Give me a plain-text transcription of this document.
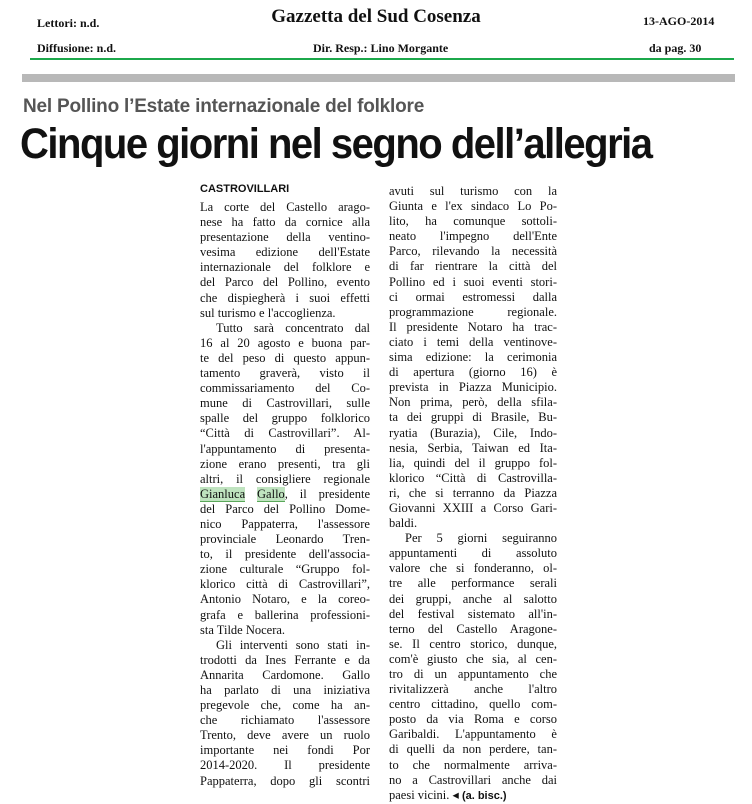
Lettori: n.d.	Gazzetta del Sud Cosenza	13-AGO-2014
Diffusione: n.d.	Dir. Resp.: Lino Morgante	da pag. 30
Nel Pollino l’Estate internazionale del folklore
Cinque giorni nel segno dell’allegria
CASTROVILLARI
La corte del Castello arago-
nese ha fatto da cornice alla
presentazione della ventino-
vesima edizione dell'Estate
internazionale del folklore e
del Parco del Pollino, evento
che dispiegherà i suoi effetti
sul turismo e l'accoglienza.
Tutto sarà concentrato dal
16 al 20 agosto e buona par-
te del peso di questo appun-
tamento graverà, visto il
commissariamento del Co-
mune di Castrovillari, sulle
spalle del gruppo folklorico
“Città di Castrovillari”. Al-
l'appuntamento di presenta-
zione erano presenti, tra gli
altri, il consigliere regionale
Gianluca Gallo, il presidente
del Parco del Pollino Dome-
nico Pappaterra, l'assessore
provinciale Leonardo Tren-
to, il presidente dell'associa-
zione culturale “Gruppo fol-
klorico città di Castrovillari”,
Antonio Notaro, e la coreo-
grafa e ballerina professioni-
sta Tilde Nocera.
Gli interventi sono stati in-
trodotti da Ines Ferrante e da
Annarita Cardomone. Gallo
ha parlato di una iniziativa
pregevole che, come ha an-
che richiamato l'assessore
Trento, deve avere un ruolo
importante nei fondi Por
2014-2020. Il presidente
Pappaterra, dopo gli scontri
avuti sul turismo con la
Giunta e l'ex sindaco Lo Po-
lito, ha comunque sottoli-
neato l'impegno dell'Ente
Parco, rilevando la necessità
di far rientrare la città del
Pollino ed i suoi eventi stori-
ci ormai estromessi dalla
programmazione regionale.
Il presidente Notaro ha trac-
ciato i temi della ventinove-
sima edizione: la cerimonia
di apertura (giorno 16) è
prevista in Piazza Municipio.
Non prima, però, della sfila-
ta dei gruppi di Brasile, Bu-
ryatia (Burazia), Cile, Indo-
nesia, Serbia, Taiwan ed Ita-
lia, quindi del il gruppo fol-
klorico “Città di Castrovilla-
ri, che si terranno da Piazza
Giovanni XXIII a Corso Gari-
baldi.
Per 5 giorni seguiranno
appuntamenti di assoluto
valore che si fonderanno, ol-
tre alle performance serali
dei gruppi, anche al salotto
del festival sistemato all'in-
terno del Castello Aragone-
se. Il centro storico, dunque,
com'è giusto che sia, al cen-
tro di un appuntamento che
rivitalizzerà anche l'altro
centro cittadino, quello com-
posto da via Roma e corso
Garibaldi. L'appuntamento è
di quelli da non perdere, tan-
to che normalmente arriva-
no a Castrovillari anche dai
paesi vicini. ◂ (a. bisc.)
